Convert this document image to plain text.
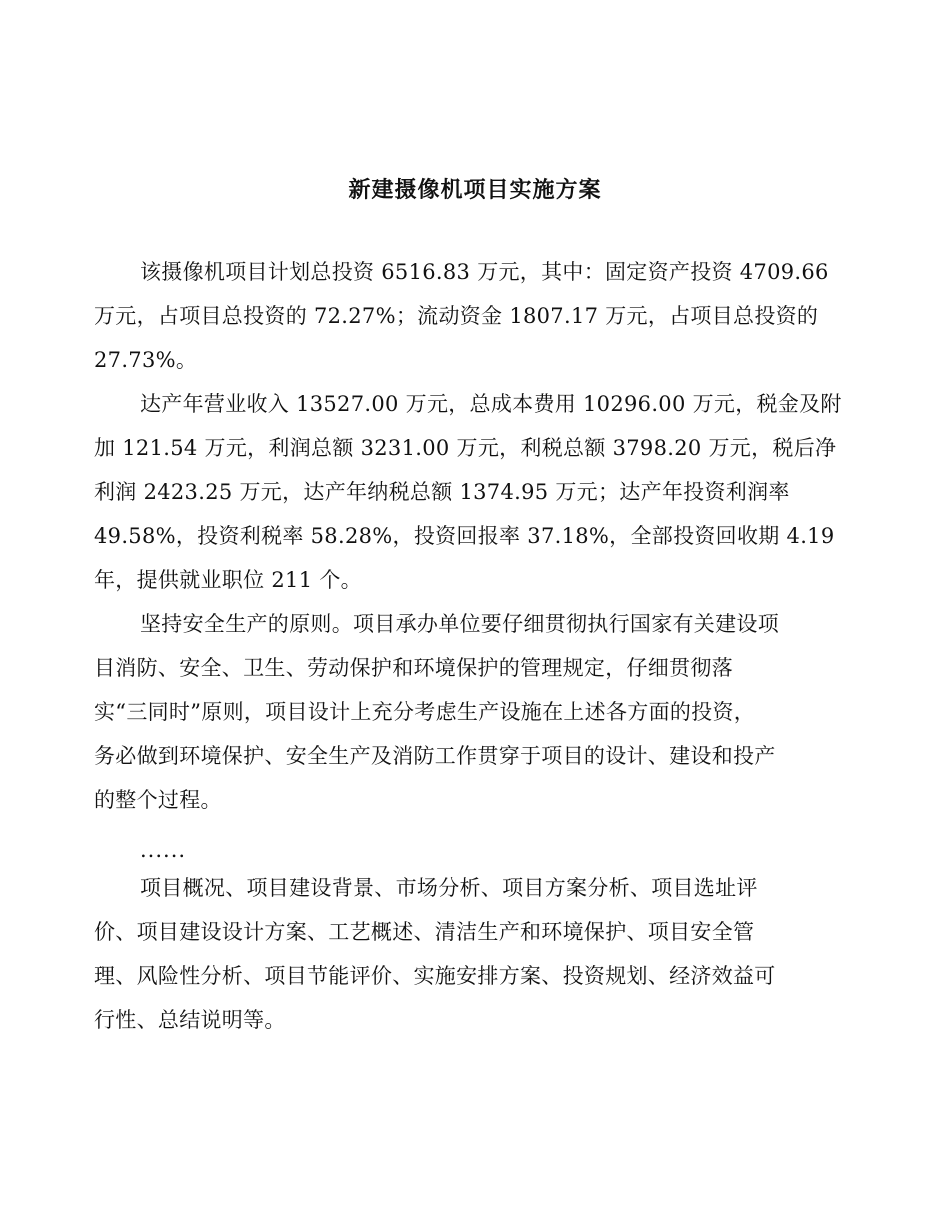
新建摄像机项目实施方案
该摄像机项目计划总投资 6516.83 万元，其中：固定资产投资 4709.66
万元，占项目总投资的 72.27%；流动资金 1807.17 万元，占项目总投资的
27.73%。
达产年营业收入 13527.00 万元，总成本费用 10296.00 万元，税金及附
加 121.54 万元，利润总额 3231.00 万元，利税总额 3798.20 万元，税后净
利润 2423.25 万元，达产年纳税总额 1374.95 万元；达产年投资利润率
49.58%，投资利税率 58.28%，投资回报率 37.18%，全部投资回收期 4.19
年，提供就业职位 211 个。
坚持安全生产的原则。项目承办单位要仔细贯彻执行国家有关建设项
目消防、安全、卫生、劳动保护和环境保护的管理规定，仔细贯彻落
实“三同时”原则，项目设计上充分考虑生产设施在上述各方面的投资，
务必做到环境保护、安全生产及消防工作贯穿于项目的设计、建设和投产
的整个过程。
......
项目概况、项目建设背景、市场分析、项目方案分析、项目选址评
价、项目建设设计方案、工艺概述、清洁生产和环境保护、项目安全管
理、风险性分析、项目节能评价、实施安排方案、投资规划、经济效益可
行性、总结说明等。
